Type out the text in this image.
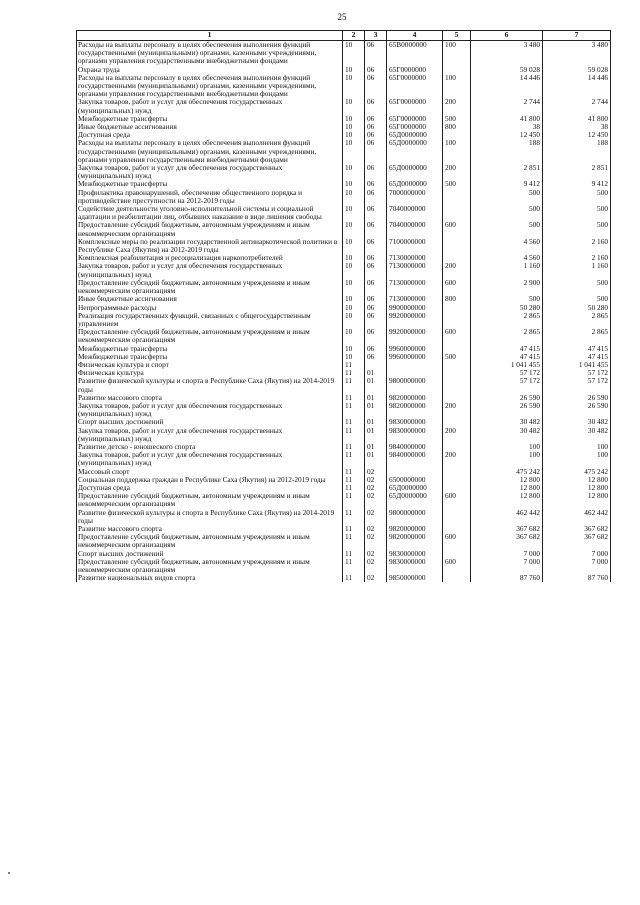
25
1	2	3	4	5	6	7
Расходы на выплаты персоналу в целях обеспечения выполнения функций государственными (муниципальными) органами, казенными учреждениями, органами управления государственными внебюджетными фондами	10	06	65В0000000	100	3 480	3 480
Охрана труда	10	06	65Г0000000		59 028	59 028
Расходы на выплаты персоналу в целях обеспечения выполнения функций государственными (муниципальными) органами, казенными учреждениями, органами управления государственными внебюджетными фондами	10	06	65Г0000000	100	14 446	14 446
Закупка товаров, работ и услуг для обеспечения государственных (муниципальных) нужд	10	06	65Г0000000	200	2 744	2 744
Межбюджетные трансферты	10	06	65Г0000000	500	41 800	41 800
Иные бюджетные ассигнования	10	06	65Г0000000	800	38	38
Доступная среда	10	06	65Д0000000		12 450	12 450
Расходы на выплаты персоналу в целях обеспечения выполнения функций государственными (муниципальными) органами, казенными учреждениями, органами управления государственными внебюджетными фондами	10	06	65Д0000000	100	188	188
Закупка товаров, работ и услуг для обеспечения государственных (муниципальных) нужд	10	06	65Д0000000	200	2 851	2 851
Межбюджетные трансферты	10	06	65Д0000000	500	9 412	9 412
Профилактика правонарушений, обеспечение общественного порядка и противодействие преступности на 2012-2019 годы	10	06	7000000000		500	500
Содействие деятельности уголовно-исполнительной системы и социальной адаптации и реабилитации лиц, отбывших наказание в виде лишения свободы	10	06	7040000000		500	500
Предоставление субсидий бюджетным, автономным учреждениям и иным некоммерческим организациям	10	06	7040000000	600	500	500
Комплексные меры по реализации государственной антинаркотической политики в Республике Саха (Якутия) на 2012-2019 годы	10	06	7100000000		4 560	2 160
Комплексная реабилитация и ресоциализация наркопотребителей	10	06	7130000000		4 560	2 160
Закупка товаров, работ и услуг для обеспечения государственных (муниципальных) нужд	10	06	7130000000	200	1 160	1 160
Предоставление субсидий бюджетным, автономным учреждениям и иным некоммерческим организациям	10	06	7130000000	600	2 900	500
Иные бюджетные ассигнования	10	06	7130000000	800	500	500
Непрограммные расходы	10	06	9900000000		50 280	50 280
Реализация государственных функций, связанных с общегосударственным управлением	10	06	9920000000		2 865	2 865
Предоставление субсидий бюджетным, автономным учреждениям и иным некоммерческим организациям	10	06	9920000000	600	2 865	2 865
Межбюджетные трансферты	10	06	9960000000		47 415	47 415
Межбюджетные трансферты	10	06	9960000000	500	47 415	47 415
Физическая культура и спорт	11				1 041 455	1 041 455
Физическая культура	11	01			57 172	57 172
Развитие физической культуры и спорта в Республике Саха (Якутия) на 2014-2019 годы	11	01	9800000000		57 172	57 172
Развитие массового спорта	11	01	9820000000		26 590	26 590
Закупка товаров, работ и услуг для обеспечения государственных (муниципальных) нужд	11	01	9820000000	200	26 590	26 590
Спорт высших достижений	11	01	9830000000		30 482	30 482
Закупка товаров, работ и услуг для обеспечения государственных (муниципальных) нужд	11	01	9830000000	200	30 482	30 482
Развитие детско - юношеского спорта	11	01	9840000000		100	100
Закупка товаров, работ и услуг для обеспечения государственных (муниципальных) нужд	11	01	9840000000	200	100	100
Массовый спорт	11	02			475 242	475 242
Социальная поддержка граждан в Республике Саха (Якутия) на 2012-2019 годы	11	02	6500000000		12 800	12 800
Доступная среда	11	02	65Д0000000		12 800	12 800
Предоставление субсидий бюджетным, автономным учреждениям и иным некоммерческим организациям	11	02	65Д0000000	600	12 800	12 800
Развитие физической культуры и спорта в Республике Саха (Якутия) на 2014-2019 годы	11	02	9800000000		462 442	462 442
Развитие массового спорта	11	02	9820000000		367 682	367 682
Предоставление субсидий бюджетным, автономным учреждениям и иным некоммерческим организациям	11	02	9820000000	600	367 682	367 682
Спорт высших достижений	11	02	9830000000		7 000	7 000
Предоставление субсидий бюджетным, автономным учреждениям и иным некоммерческим организациям	11	02	9830000000	600	7 000	7 000
Развитие национальных видов спорта	11	02	9850000000		87 760	87 760
